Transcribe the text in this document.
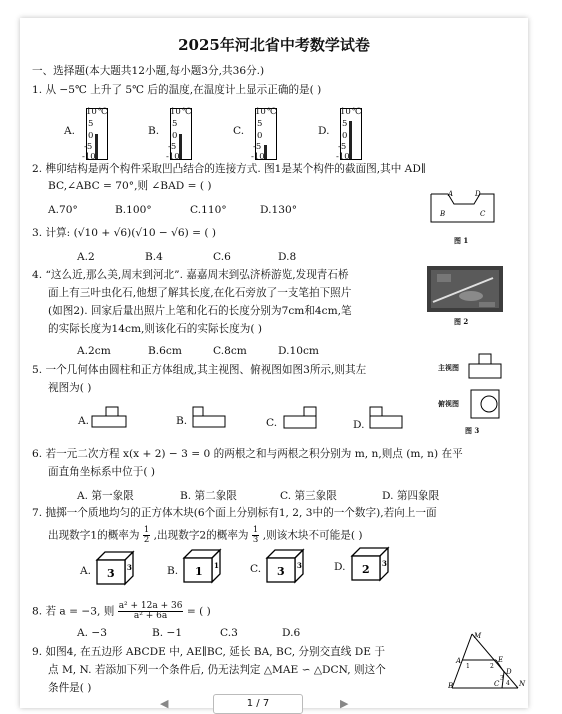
2025年河北省中考数学试卷
一、选择题(本大题共12小题,每小题3分,共36分.)
1. 从 −5℃ 上升了 5℃ 后的温度,在温度计上显示正确的是( )
A.	B.	C.	D.
10 ℃
5
0
-5
-10
10 ℃
5
0
-5
-10
10 ℃
5
0
-5
-10
10 ℃
5
0
-5
-10
2. 榫卯结构是两个构件采取凹凸结合的连接方式. 图1是某个构件的截面图,其中 AD∥
BC,∠ABC = 70°,则 ∠BAD = ( )
A.70°	B.100°	C.110°	D.130°
A	D
B	C
图 1
3. 计算: (√10 + √6)(√10 − √6) = ( )
A.2	B.4	C.6	D.8
4. “这么近,那么美,周末到河北”. 嘉嘉周末到弘济桥游览,发现青石桥
面上有三叶虫化石,他想了解其长度,在化石旁放了一支笔拍下照片
(如图2). 回家后量出照片上笔和化石的长度分别为7cm和4cm,笔
的实际长度为14cm,则该化石的实际长度为( )
A.2cm	B.6cm	C.8cm	D.10cm
图 2
5. 一个几何体由圆柱和正方体组成,其主视图、俯视图如图3所示,则其左
视图为( )
主视图
俯视图
图 3
A.	B.	C.	D.
6. 若一元二次方程 x(x + 2) − 3 = 0 的两根之和与两根之积分别为 m, n,则点 (m, n) 在平
面直角坐标系中位于( )
A. 第一象限	B. 第二象限	C. 第三象限	D. 第四象限
7. 抛掷一个质地均匀的正方体木块(6个面上分别标有1, 2, 3中的一个数字),若向上一面
出现数字1的概率为 $\frac{1}{2}$ ,出现数字2的概率为 $\frac{1}{3}$ ,则该木块不可能是( )
A.	B.	C.	D.
3 3	1 1	3 3	2 3
8. 若 a = −3, 则 $\frac{\text{a² + 12a + 36}}{\text{a² + 6a}}$ = ( )
A. −3	B. −1	C.3	D.6
9. 如图4, 在五边形 ABCDE 中, AE∥BC, 延长 BA, BC, 分别交直线 DE 于
点 M, N. 若添加下列一个条件后, 仍无法判定 △MAE ∽ △DCN, 则这个
条件是( )
M
A	E
D
C
B	N
1	2
3
4
◀	1 / 7	▶
